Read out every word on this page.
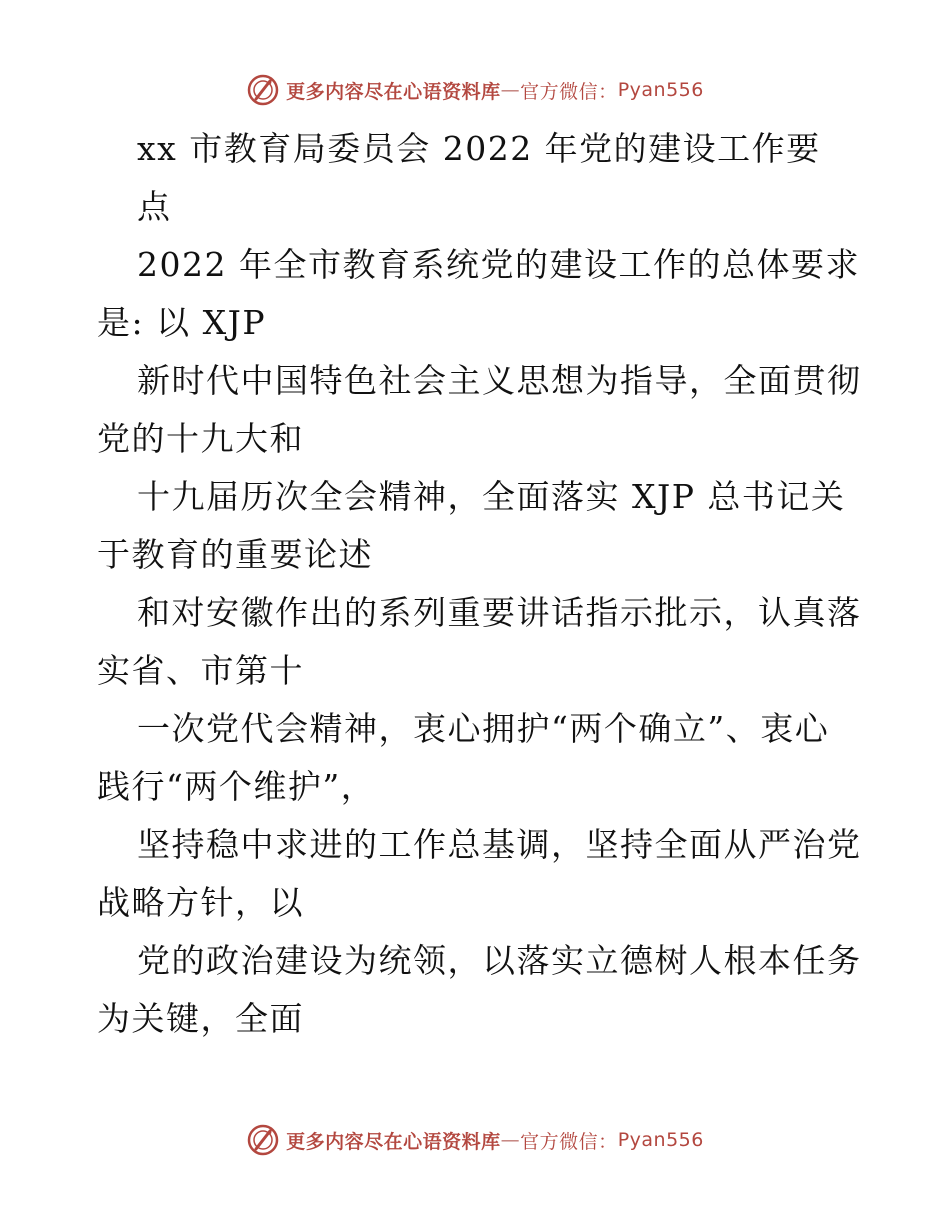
更多内容尽在心语资料库 — 官方微信： Pyan556
xx 市教育局委员会 2022 年党的建设工作要
点
2022 年全市教育系统党的建设工作的总体要求
是: 以 XJP
新时代中国特色社会主义思想为指导，全面贯彻
党的十九大和
十九届历次全会精神，全面落实 XJP 总书记关
于教育的重要论述
和对安徽作出的系列重要讲话指示批示，认真落
实省、市第十
一次党代会精神，衷心拥护“两个确立”、衷心
践行“两个维护”，
坚持稳中求进的工作总基调，坚持全面从严治党
战略方针，以
党的政治建设为统领，以落实立德树人根本任务
为关键，全面
更多内容尽在心语资料库 — 官方微信： Pyan556
